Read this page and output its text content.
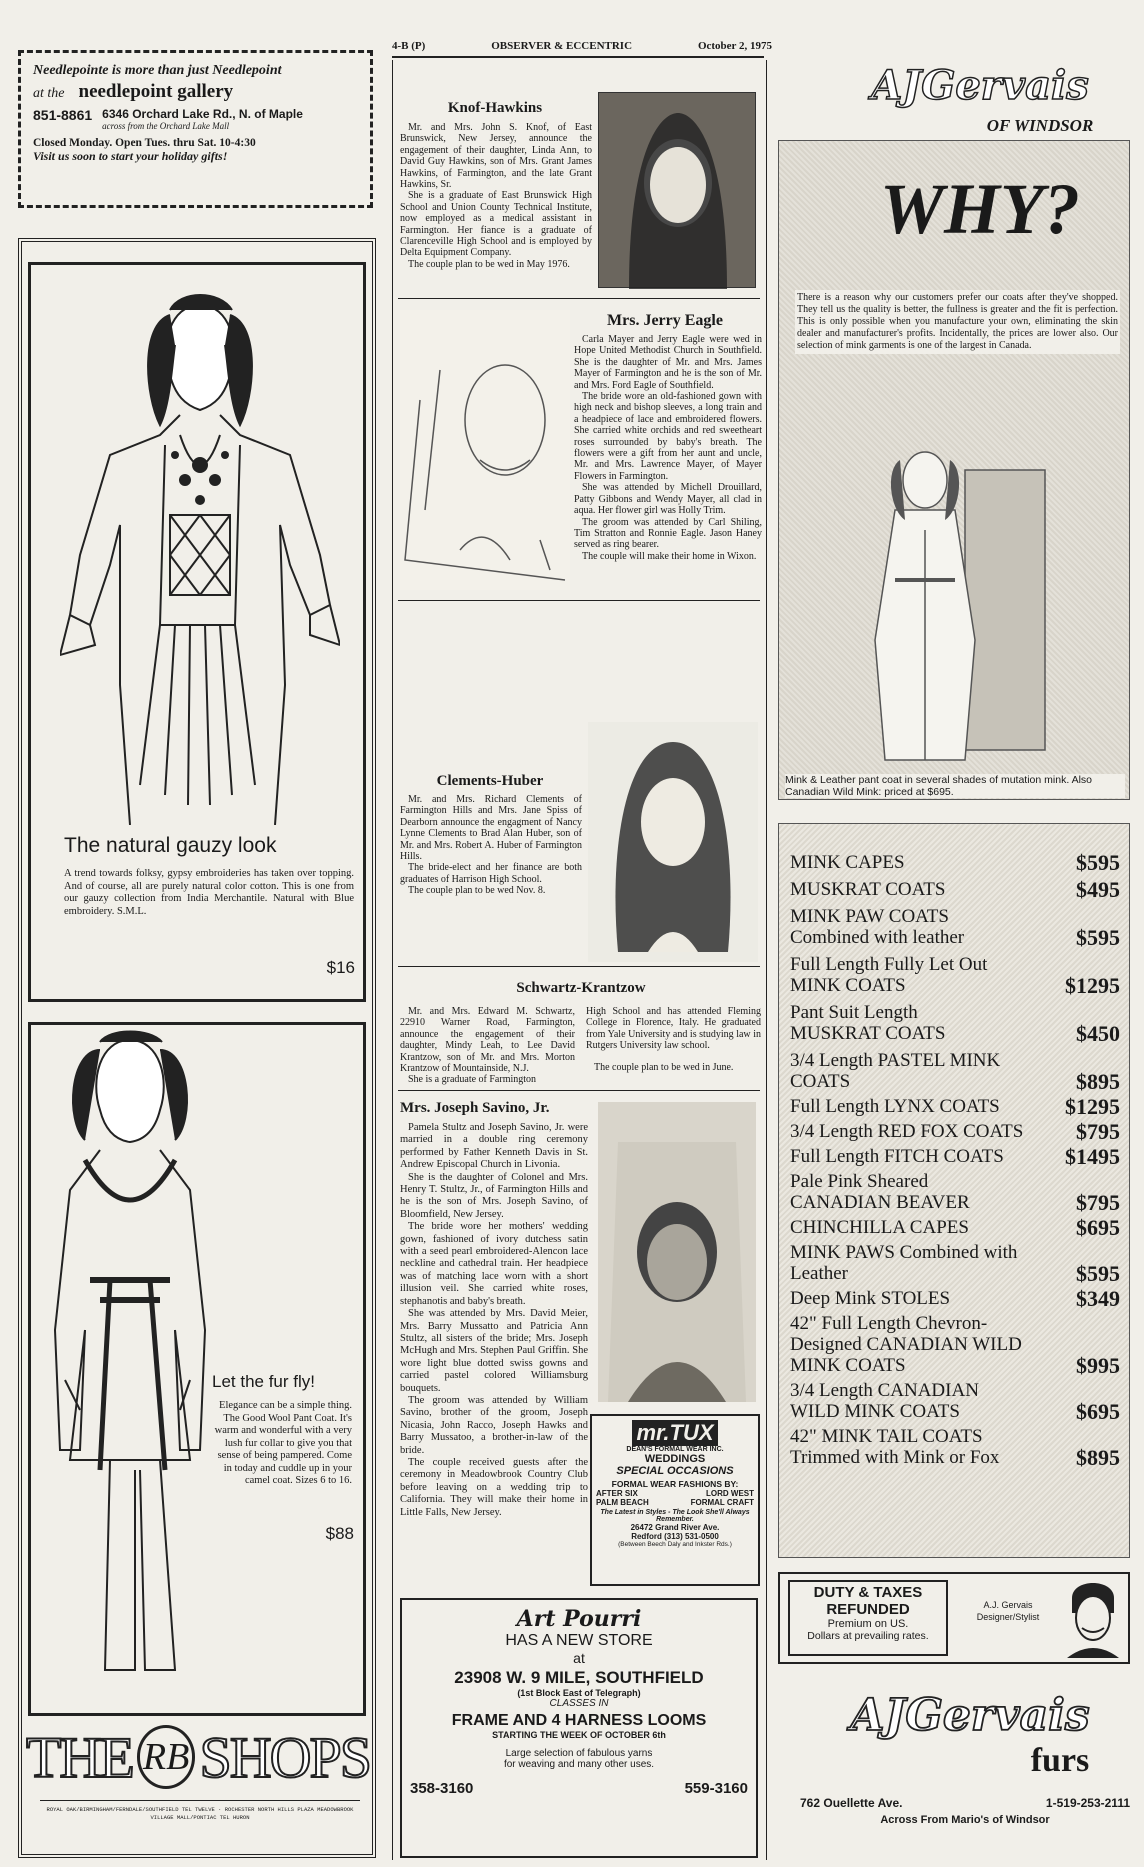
4-B (P)	OBSERVER & ECCENTRIC	October 2, 1975
Needlepointe is more than just Needlepoint
at the needlepoint gallery
851-8861 6346 Orchard Lake Rd., N. of Maple
across from the Orchard Lake Mall
Closed Monday. Open Tues. thru Sat. 10-4:30
Visit us soon to start your holiday gifts!
The natural gauzy look
A trend towards folksy, gypsy embroideries has taken over topping. And of course, all are purely natural color cotton. This is one from our gauzy collection from India Merchantile. Natural with Blue embroidery. S.M.L.
$16
Let the fur fly!
Elegance can be a simple thing. The Good Wool Pant Coat. It's warm and wonderful with a very lush fur collar to give you that sense of being pampered. Come in today and cuddle up in your camel coat. Sizes 6 to 16.
$88
THE RB SHOPS
ROYAL OAK/BIRMINGHAM/FERNDALE/SOUTHFIELD TEL TWELVE · ROCHESTER NORTH HILLS PLAZA MEADOWBROOK VILLAGE MALL/PONTIAC TEL HURON
Knof-Hawkins
Mr. and Mrs. John S. Knof, of East Brunswick, New Jersey, announce the engagement of their daughter, Linda Ann, to David Guy Hawkins, son of Mrs. Grant James Hawkins, of Farmington, and the late Grant Hawkins, Sr.
She is a graduate of East Brunswick High School and Union County Technical Institute, now employed as a medical assistant in Farmington. Her fiance is a graduate of Clarenceville High School and is employed by Delta Equipment Company.
The couple plan to be wed in May 1976.
Mrs. Jerry Eagle
Carla Mayer and Jerry Eagle were wed in Hope United Methodist Church in Southfield. She is the daughter of Mr. and Mrs. James Mayer of Farmington and he is the son of Mr. and Mrs. Ford Eagle of Southfield.
The bride wore an old-fashioned gown with high neck and bishop sleeves, a long train and a headpiece of lace and embroidered flowers. She carried white orchids and red sweetheart roses surrounded by baby's breath. The flowers were a gift from her aunt and uncle, Mr. and Mrs. Lawrence Mayer, of Mayer Flowers in Farmington.
She was attended by Michell Drouillard, Patty Gibbons and Wendy Mayer, all clad in aqua. Her flower girl was Holly Trim.
The groom was attended by Carl Shiling, Tim Stratton and Ronnie Eagle. Jason Haney served as ring bearer.
The couple will make their home in Wixon.
Clements-Huber
Mr. and Mrs. Richard Clements of Farmington Hills and Mrs. Jane Spiss of Dearborn announce the engagment of Nancy Lynne Clements to Brad Alan Huber, son of Mr. and Mrs. Robert A. Huber of Farmington Hills.
The bride-elect and her finance are both graduates of Harrison High School.
The couple plan to be wed Nov. 8.
Schwartz-Krantzow
Mr. and Mrs. Edward M. Schwartz, 22910 Warner Road, Farmington, announce the engagement of their daughter, Mindy Leah, to Lee David Krantzow, son of Mr. and Mrs. Morton Krantzow of Mountainside, N.J.
She is a graduate of Farmington
High School and has attended Fleming College in Florence, Italy. He graduated from Yale University and is studying law in Rutgers University law school.
The couple plan to be wed in June.
Mrs. Joseph Savino, Jr.
Pamela Stultz and Joseph Savino, Jr. were married in a double ring ceremony performed by Father Kenneth Davis in St. Andrew Episcopal Church in Livonia.
She is the daughter of Colonel and Mrs. Henry T. Stultz, Jr., of Farmington Hills and he is the son of Mrs. Joseph Savino, of Bloomfield, New Jersey.
The bride wore her mothers' wedding gown, fashioned of ivory dutchess satin with a seed pearl embroidered-Alencon lace neckline and cathedral train. Her headpiece was of matching lace worn with a short illusion veil. She carried white roses, stephanotis and baby's breath.
She was attended by Mrs. David Meier, Mrs. Barry Mussatto and Patricia Ann Stultz, all sisters of the bride; Mrs. Joseph McHugh and Mrs. Stephen Paul Griffin. She wore light blue dotted swiss gowns and carried pastel colored Williamsburg bouquets.
The groom was attended by William Savino, brother of the groom, Joseph Nicasia, John Racco, Joseph Hawks and Barry Mussatoo, a brother-in-law of the bride.
The couple received guests after the ceremony in Meadowbrook Country Club before leaving on a wedding trip to California. They will make their home in Little Falls, New Jersey.
mr.TUX
DEAN'S FORMAL WEAR INC.
WEDDINGS
SPECIAL OCCASIONS
FORMAL WEAR FASHIONS BY:
AFTER SIX	LORD WEST
PALM BEACH	FORMAL CRAFT
The Latest in Styles - The Look She'll Always Remember.
26472 Grand River Ave.
Redford (313) 531-0500
(Between Beech Daly and Inkster Rds.)
Art Pourri
HAS A NEW STORE
at
23908 W. 9 MILE, SOUTHFIELD
(1st Block East of Telegraph)
CLASSES IN
FRAME AND 4 HARNESS LOOMS
STARTING THE WEEK OF OCTOBER 6th
Large selection of fabulous yarns
for weaving and many other uses.
358-3160	559-3160
AJGervais
OF WINDSOR
WHY?
There is a reason why our customers prefer our coats after they've shopped. They tell us the quality is better, the fullness is greater and the fit is perfection. This is only possible when you manufacture your own, eliminating the skin dealer and manufacturer's profits. Incidentally, the prices are lower also. Our selection of mink garments is one of the largest in Canada.
Mink & Leather pant coat in several shades of mutation mink. Also Canadian Wild Mink: priced at $695.
MINK CAPES	$595
MUSKRAT COATS	$495
MINK PAW COATS Combined with leather	$595
Full Length Fully Let Out MINK COATS	$1295
Pant Suit Length MUSKRAT COATS	$450
3/4 Length PASTEL MINK COATS	$895
Full Length LYNX COATS	$1295
3/4 Length RED FOX COATS $795
Full Length FITCH COATS	$1495
Pale Pink Sheared CANADIAN BEAVER	$795
CHINCHILLA CAPES	$695
MINK PAWS Combined with Leather	$595
Deep Mink STOLES	$349
42" Full Length Chevron-Designed CANADIAN WILD MINK COATS	$995
3/4 Length CANADIAN WILD MINK COATS	$695
42" MINK TAIL COATS Trimmed with Mink or Fox	$895
DUTY & TAXES
REFUNDED
Premium on US.
Dollars at prevailing rates.
A.J. Gervais
Designer/Stylist
AJGervais
furs
762 Ouellette Ave.	1-519-253-2111
Across From Mario's of Windsor
